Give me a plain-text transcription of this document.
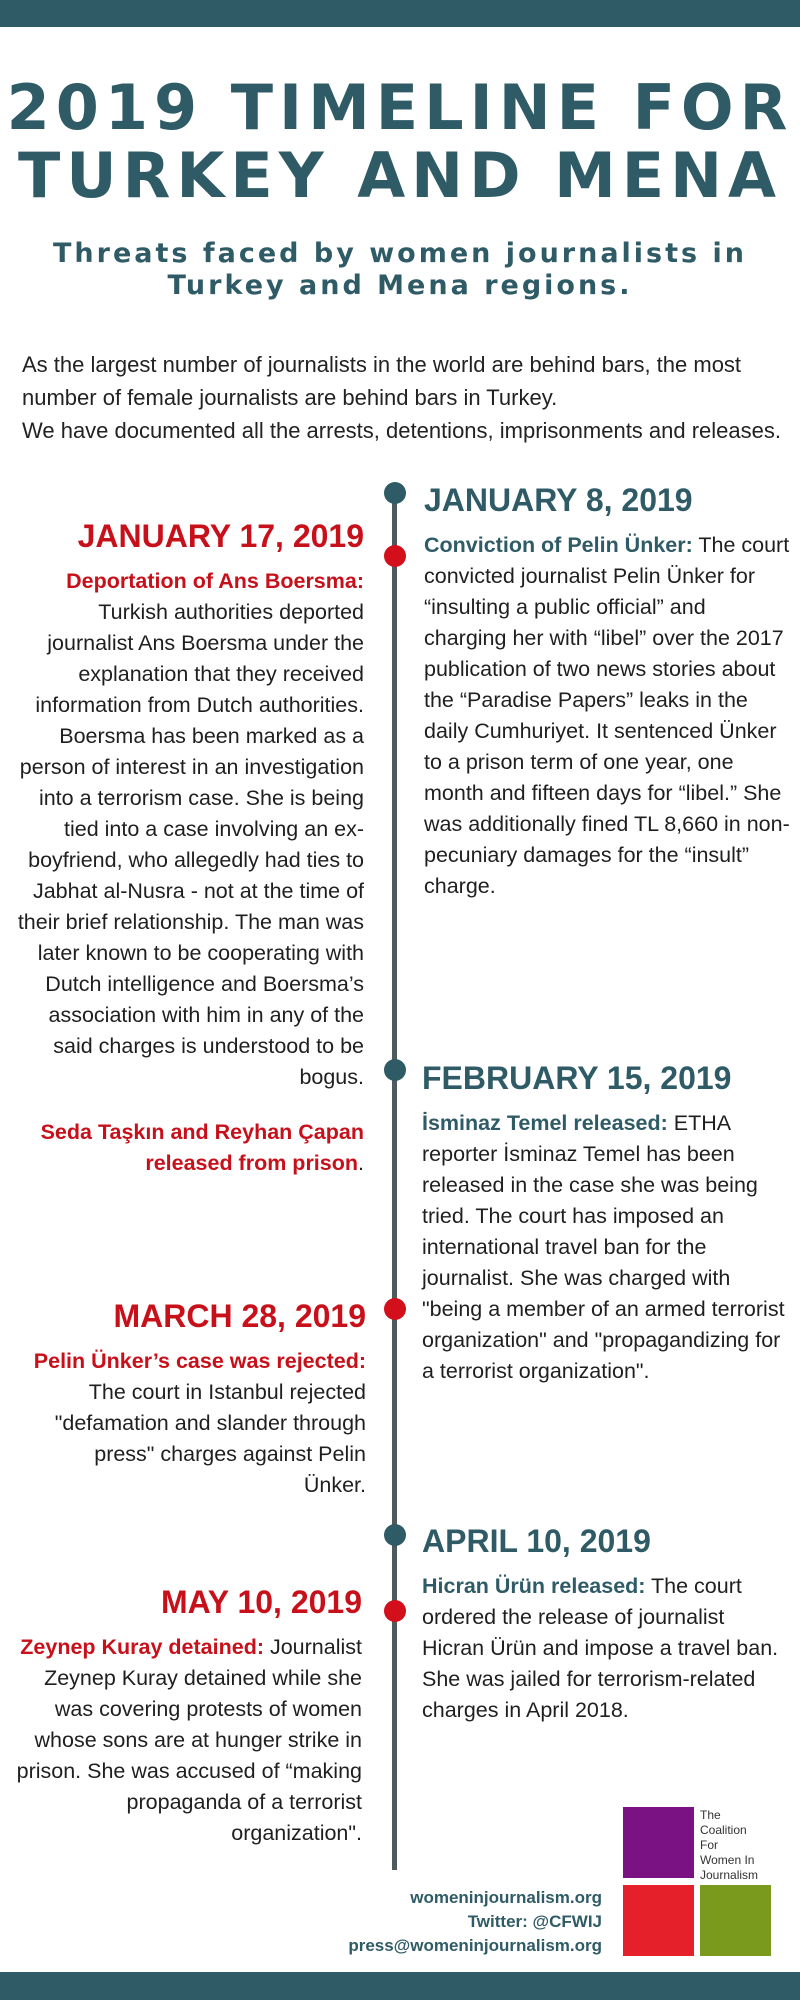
2019 TIMELINE FOR
TURKEY AND MENA
Threats faced by women journalists in Turkey and Mena regions.

As the largest number of journalists in the world are behind bars, the most number of female journalists are behind bars in Turkey.

We have documented all the arrests, detentions, imprisonments and releases.

JANUARY 8, 2019
Conviction of Pelin Ünker: The court convicted journalist Pelin Ünker for “insulting a public official” and charging her with “libel” over the 2017 publication of two news stories about the “Paradise Papers” leaks in the daily Cumhuriyet. It sentenced Ünker to a prison term of one year, one month and fifteen days for “libel.” She was additionally fined TL 8,660 in non-pecuniary damages for the “insult” charge.
JANUARY 17, 2019
Deportation of Ans Boersma: Turkish authorities deported journalist Ans Boersma under the explanation that they received information from Dutch authorities. Boersma has been marked as a person of interest in an investigation into a terrorism case. She is being tied into a case involving an ex-boyfriend, who allegedly had ties to Jabhat al-Nusra - not at the time of their brief relationship. The man was later known to be cooperating with Dutch intelligence and Boersma’s association with him in any of the said charges is understood to be bogus.
Seda Taşkın and Reyhan Çapan released from prison.
FEBRUARY 15, 2019
İsminaz Temel released: ETHA reporter İsminaz Temel has been released in the case she was being tried. The court has imposed an international travel ban for the journalist. She was charged with "being a member of an armed terrorist organization" and "propagandizing for a terrorist organization".
MARCH 28, 2019
Pelin Ünker’s case was rejected: The court in Istanbul rejected "defamation and slander through press" charges against Pelin Ünker.
APRIL 10, 2019
Hicran Ürün released: The court ordered the release of journalist Hicran Ürün and impose a travel ban. She was jailed for terrorism-related charges in April 2018.
MAY 10, 2019
Zeynep Kuray detained: Journalist Zeynep Kuray detained while she was covering protests of women whose sons are at hunger strike in prison. She was accused of “making propaganda of a terrorist organization".
womeninjournalism.org
Twitter: @CFWIJ
press@womeninjournalism.org
The
Coalition
For
Women In
Journalism
